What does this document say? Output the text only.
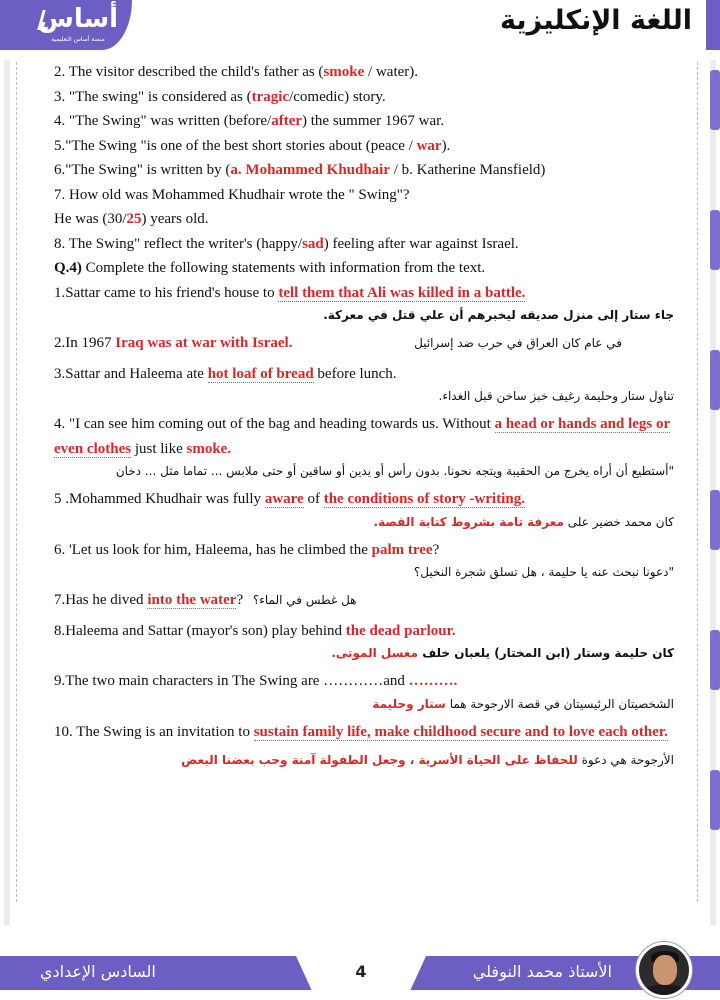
أساس
منصة أساس التعليمية
اللغة الإنكليزية
2. The visitor described the child's father as (smoke / water).
3. "The swing" is considered as (tragic/comedic) story.
4. "The Swing" was written (before/after) the summer 1967 war.
5."The Swing "is one of the best short stories about (peace / war).
6."The Swing" is written by (a. Mohammed Khudhair / b. Katherine Mansfield)
7. How old was Mohammed Khudhair wrote the " Swing"?
He was (30/25) years old.
8. The Swing" reflect the writer's (happy/sad) feeling after war against Israel.
Q.4) Complete the following statements with information from the text.
1.Sattar came to his friend's house to tell them that Ali was killed in a battle.
جاء ستار إلى منزل صديقه ليخبرهم أن علي قتل في معركة.
2.In 1967 Iraq was at war with Israel.	في عام كان العراق في حرب ضد إسرائيل
3.Sattar and Haleema ate hot loaf of bread before lunch.
تناول ستار وحليمة رغيف خبز ساخن قبل الغداء.
4. "I can see him coming out of the bag and heading towards us. Without a head or hands and legs or even clothes just like smoke.
"أستطيع أن أراه يخرج من الحقيبة ويتجه نحونا. بدون رأس أو يدين أو ساقين أو حتى ملابس ... تماما مثل ... دخان
5 .Mohammed Khudhair was fully aware of the conditions of story -writing.
كان محمد خضير على معرفة تامة بشروط كتابة القصة.
6. 'Let us look for him, Haleema, has he climbed the palm tree?
"دعونا نبحث عنه يا حليمة ، هل تسلق شجرة النخيل؟
7.Has he dived into the water? هل غطس في الماء؟
8.Haleema and Sattar (mayor's son) play behind the dead parlour.
كان حليمة وستار (ابن المختار) يلعبان خلف مغسل الموتى.
9.The two main characters in The Swing are …………and ……….
الشخصيتان الرئيسيتان في قصة الارجوحة هما ستار وحليمة
10. The Swing is an invitation to sustain family life, make childhood secure and to love each other.
الأرجوحة هي دعوة للحفاظ على الحياة الأسرية ، وجعل الطفولة آمنة وحب بعضنا البعض
السادس الإعدادي	4	الأستاذ محمد النوفلي
